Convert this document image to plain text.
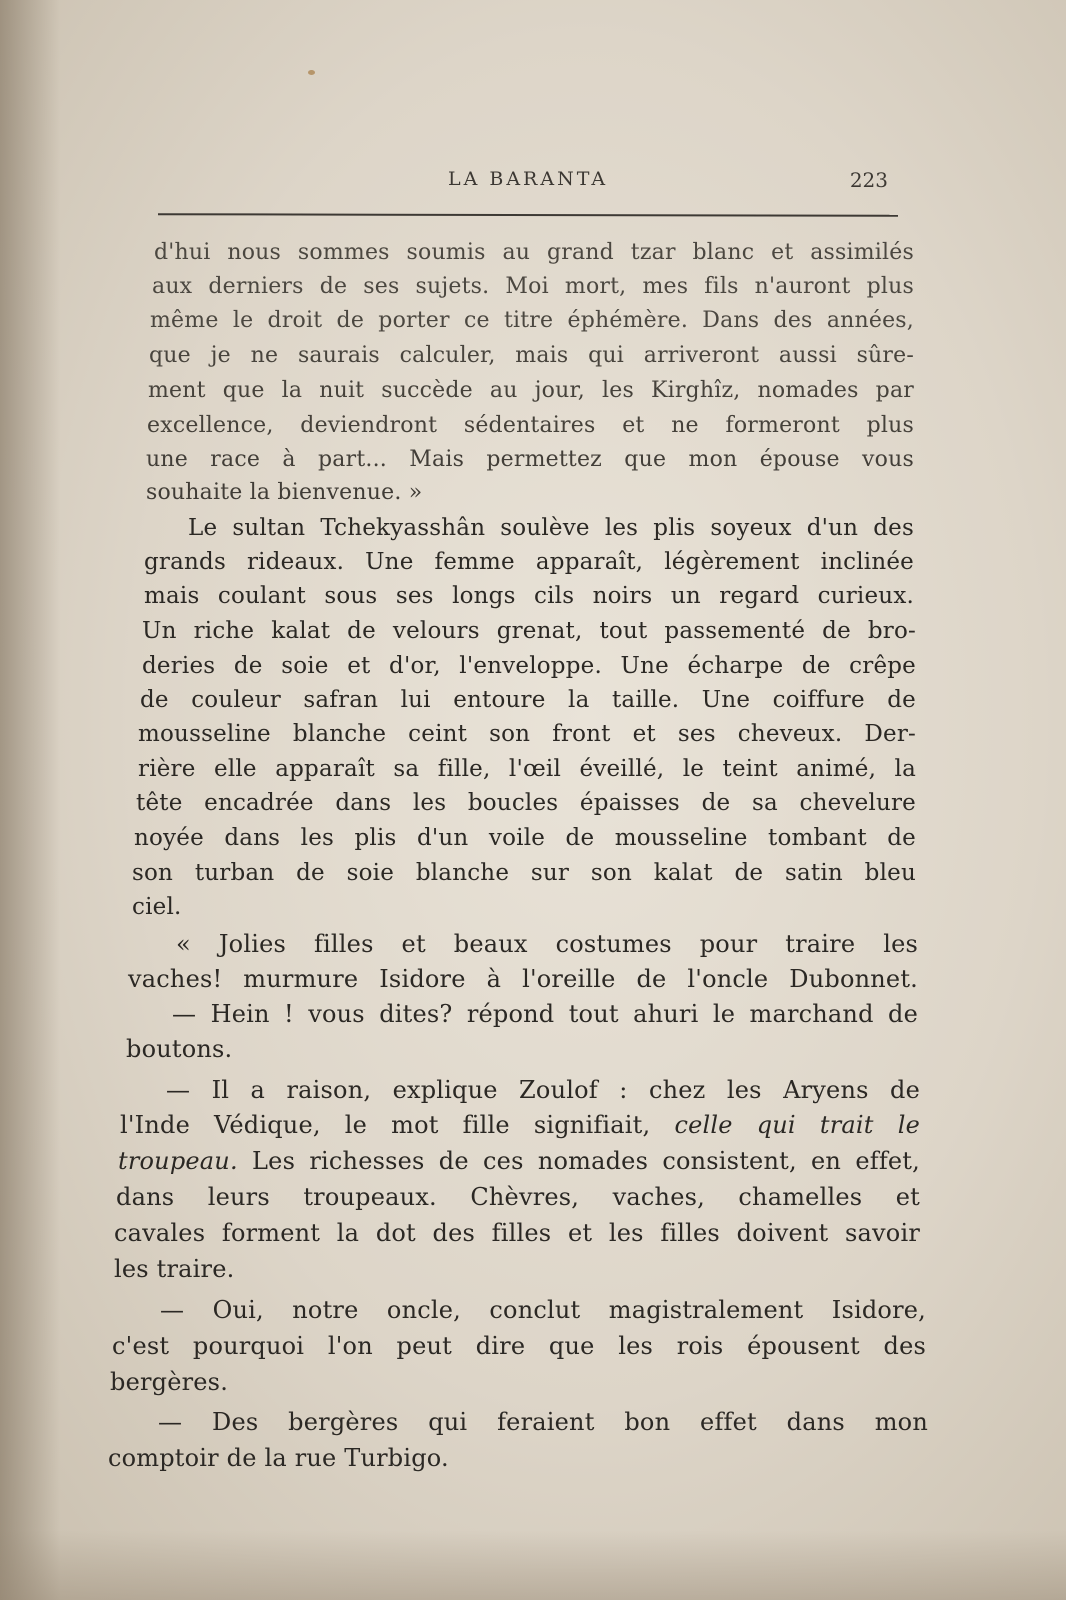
LA BARANTA	223
d'hui nous sommes soumis au grand tzar blanc et assimilés
aux derniers de ses sujets. Moi mort, mes fils n'auront plus
même le droit de porter ce titre éphémère. Dans des années,
que je ne saurais calculer, mais qui arriveront aussi sûre-
ment que la nuit succède au jour, les Kirghîz, nomades par
excellence, deviendront sédentaires et ne formeront plus
une race à part... Mais permettez que mon épouse vous
souhaite la bienvenue. »
Le sultan Tchekyasshân soulève les plis soyeux d'un des
grands rideaux. Une femme apparaît, légèrement inclinée
mais coulant sous ses longs cils noirs un regard curieux.
Un riche kalat de velours grenat, tout passementé de bro-
deries de soie et d'or, l'enveloppe. Une écharpe de crêpe
de couleur safran lui entoure la taille. Une coiffure de
mousseline blanche ceint son front et ses cheveux. Der-
rière elle apparaît sa fille, l'œil éveillé, le teint animé, la
tête encadrée dans les boucles épaisses de sa chevelure
noyée dans les plis d'un voile de mousseline tombant de
son turban de soie blanche sur son kalat de satin bleu
ciel.
« Jolies filles et beaux costumes pour traire les
vaches! murmure Isidore à l'oreille de l'oncle Dubonnet.
— Hein ! vous dites? répond tout ahuri le marchand de
boutons.
— Il a raison, explique Zoulof : chez les Aryens de
l'Inde Védique, le mot fille signifiait, celle qui trait le
troupeau. Les richesses de ces nomades consistent, en effet,
dans leurs troupeaux. Chèvres, vaches, chamelles et
cavales forment la dot des filles et les filles doivent savoir
les traire.
— Oui, notre oncle, conclut magistralement Isidore,
c'est pourquoi l'on peut dire que les rois épousent des
bergères.
— Des bergères qui feraient bon effet dans mon
comptoir de la rue Turbigo.
